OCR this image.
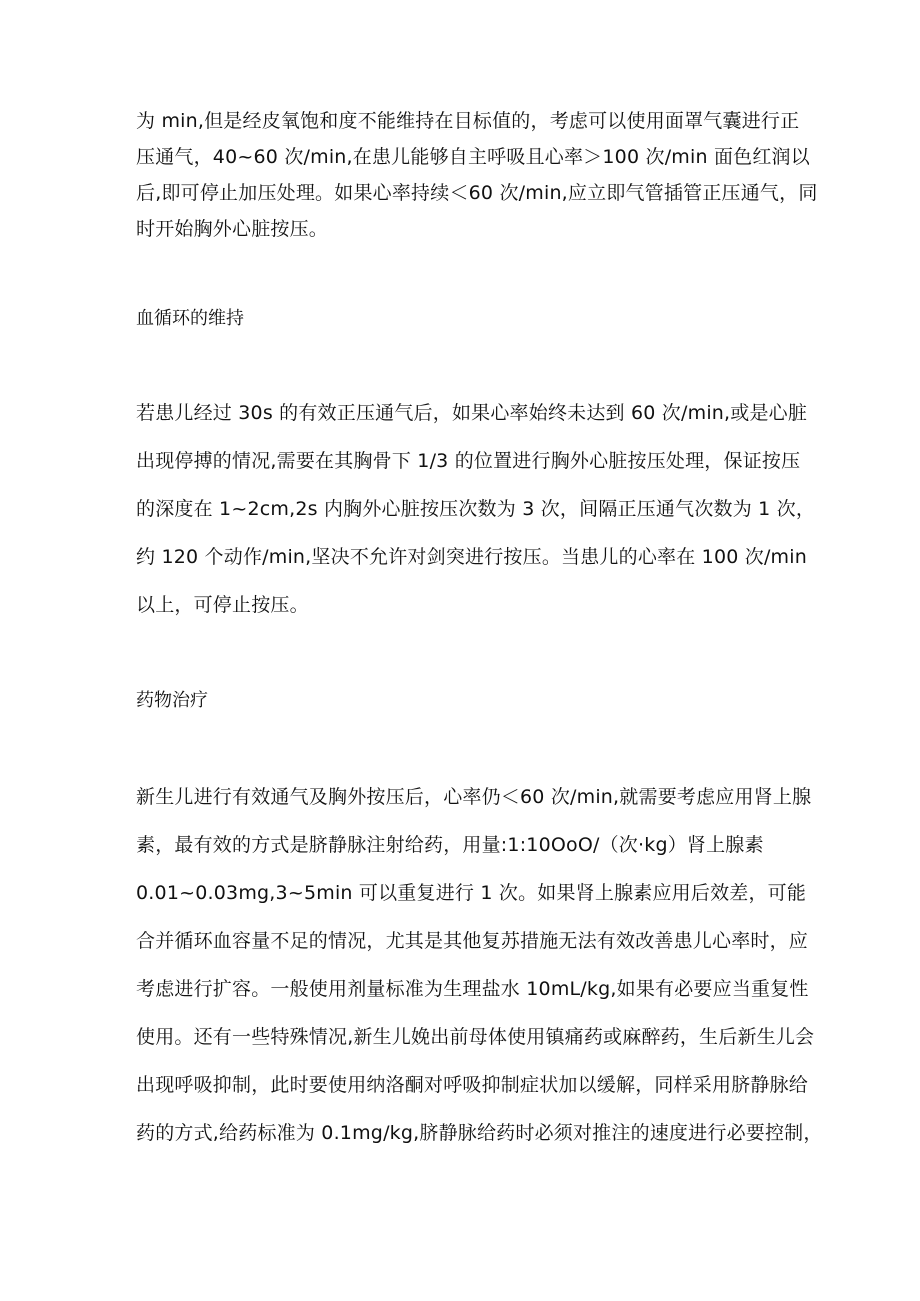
为 min,但是经皮氧饱和度不能维持在目标值的，考虑可以使用面罩气囊进行正
压通气，40~60 次/min,在患儿能够自主呼吸且心率＞100 次/min 面色红润以
后,即可停止加压处理。如果心率持续＜60 次/min,应立即气管插管正压通气，同
时开始胸外心脏按压。
血循环的维持
若患儿经过 30s 的有效正压通气后，如果心率始终未达到 60 次/min,或是心脏
出现停搏的情况,需要在其胸骨下 1/3 的位置进行胸外心脏按压处理，保证按压
的深度在 1~2cm,2s 内胸外心脏按压次数为 3 次，间隔正压通气次数为 1 次，
约 120 个动作/min,坚决不允许对剑突进行按压。当患儿的心率在 100 次/min
以上，可停止按压。
药物治疗
新生儿进行有效通气及胸外按压后，心率仍＜60 次/min,就需要考虑应用肾上腺
素，最有效的方式是脐静脉注射给药，用量:1:10OoO/（次·kg）肾上腺素
0.01~0.03mg,3~5min 可以重复进行 1 次。如果肾上腺素应用后效差，可能
合并循环血容量不足的情况，尤其是其他复苏措施无法有效改善患儿心率时，应
考虑进行扩容。一般使用剂量标准为生理盐水 10mL/kg,如果有必要应当重复性
使用。还有一些特殊情况,新生儿娩出前母体使用镇痛药或麻醉药，生后新生儿会
出现呼吸抑制，此时要使用纳洛酮对呼吸抑制症状加以缓解，同样采用脐静脉给
药的方式,给药标准为 0.1mg/kg,脐静脉给药时必须对推注的速度进行必要控制，
